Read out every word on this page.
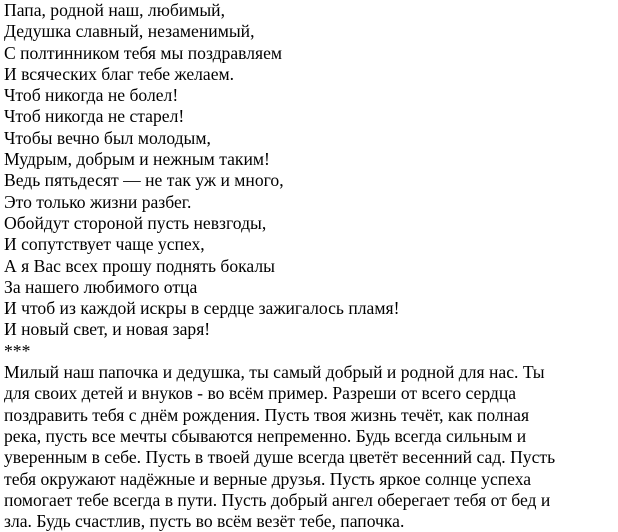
Папа, родной наш, любимый,
Дедушка славный, незаменимый,
С полтинником тебя мы поздравляем
И всяческих благ тебе желаем.
Чтоб никогда не болел!
Чтоб никогда не старел!
Чтобы вечно был молодым,
Мудрым, добрым и нежным таким!
Ведь пятьдесят — не так уж и много,
Это только жизни разбег.
Обойдут стороной пусть невзгоды,
И сопутствует чаще успех,
А я Вас всех прошу поднять бокалы
За нашего любимого отца
И чтоб из каждой искры в сердце зажигалось пламя!
И новый свет, и новая заря!
***
Милый наш папочка и дедушка, ты самый добрый и родной для нас. Ты
для своих детей и внуков - во всём пример. Разреши от всего сердца
поздравить тебя с днём рождения. Пусть твоя жизнь течёт, как полная
река, пусть все мечты сбываются непременно. Будь всегда сильным и
уверенным в себе. Пусть в твоей душе всегда цветёт весенний сад. Пусть
тебя окружают надёжные и верные друзья. Пусть яркое солнце успеха
помогает тебе всегда в пути. Пусть добрый ангел оберегает тебя от бед и
зла. Будь счастлив, пусть во всём везёт тебе, папочка.
